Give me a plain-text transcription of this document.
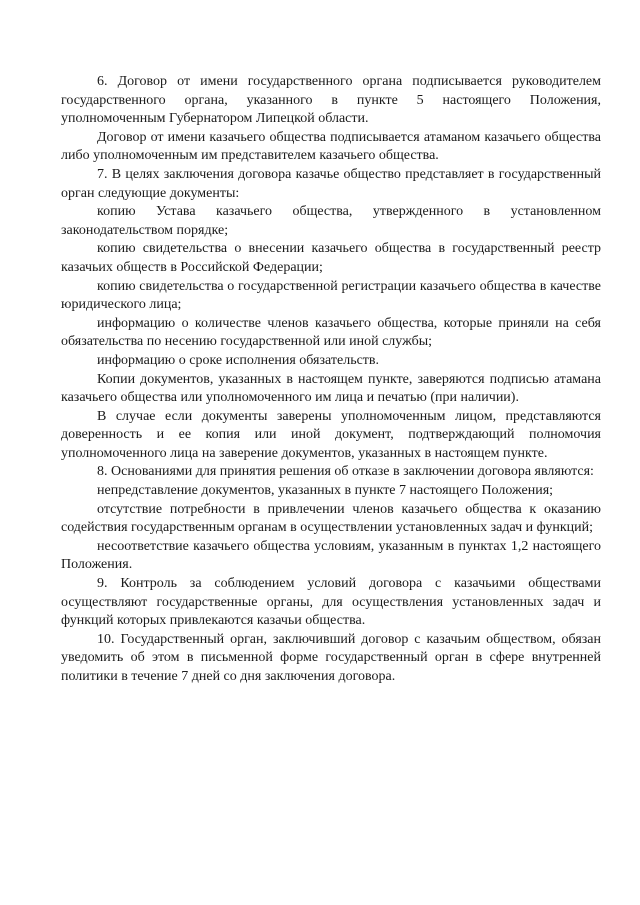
6. Договор от имени государственного органа подписывается руководителем государственного органа, указанного в пункте 5 настоящего Положения, уполномоченным Губернатором Липецкой области.

Договор от имени казачьего общества подписывается атаманом казачьего общества либо уполномоченным им представителем казачьего общества.

7. В целях заключения договора казачье общество представляет в государственный орган следующие документы:

копию Устава казачьего общества, утвержденного в установленном законодательством порядке;

копию свидетельства о внесении казачьего общества в государственный реестр казачьих обществ в Российской Федерации;

копию свидетельства о государственной регистрации казачьего общества в качестве юридического лица;

информацию о количестве членов казачьего общества, которые приняли на себя обязательства по несению государственной или иной службы;

информацию о сроке исполнения обязательств.

Копии документов, указанных в настоящем пункте, заверяются подписью атамана казачьего общества или уполномоченного им лица и печатью (при наличии).

В случае если документы заверены уполномоченным лицом, представляются доверенность и ее копия или иной документ, подтверждающий полномочия уполномоченного лица на заверение документов, указанных в настоящем пункте.

8. Основаниями для принятия решения об отказе в заключении договора являются:

непредставление документов, указанных в пункте 7 настоящего Положения;

отсутствие потребности в привлечении членов казачьего общества к оказанию содействия государственным органам в осуществлении установленных задач и функций;

несоответствие казачьего общества условиям, указанным в пунктах 1,2 настоящего Положения.

9. Контроль за соблюдением условий договора с казачьими обществами осуществляют государственные органы, для осуществления установленных задач и функций которых привлекаются казачьи общества.

10. Государственный орган, заключивший договор с казачьим обществом, обязан уведомить об этом в письменной форме государственный орган в сфере внутренней политики в течение 7 дней со дня заключения договора.
